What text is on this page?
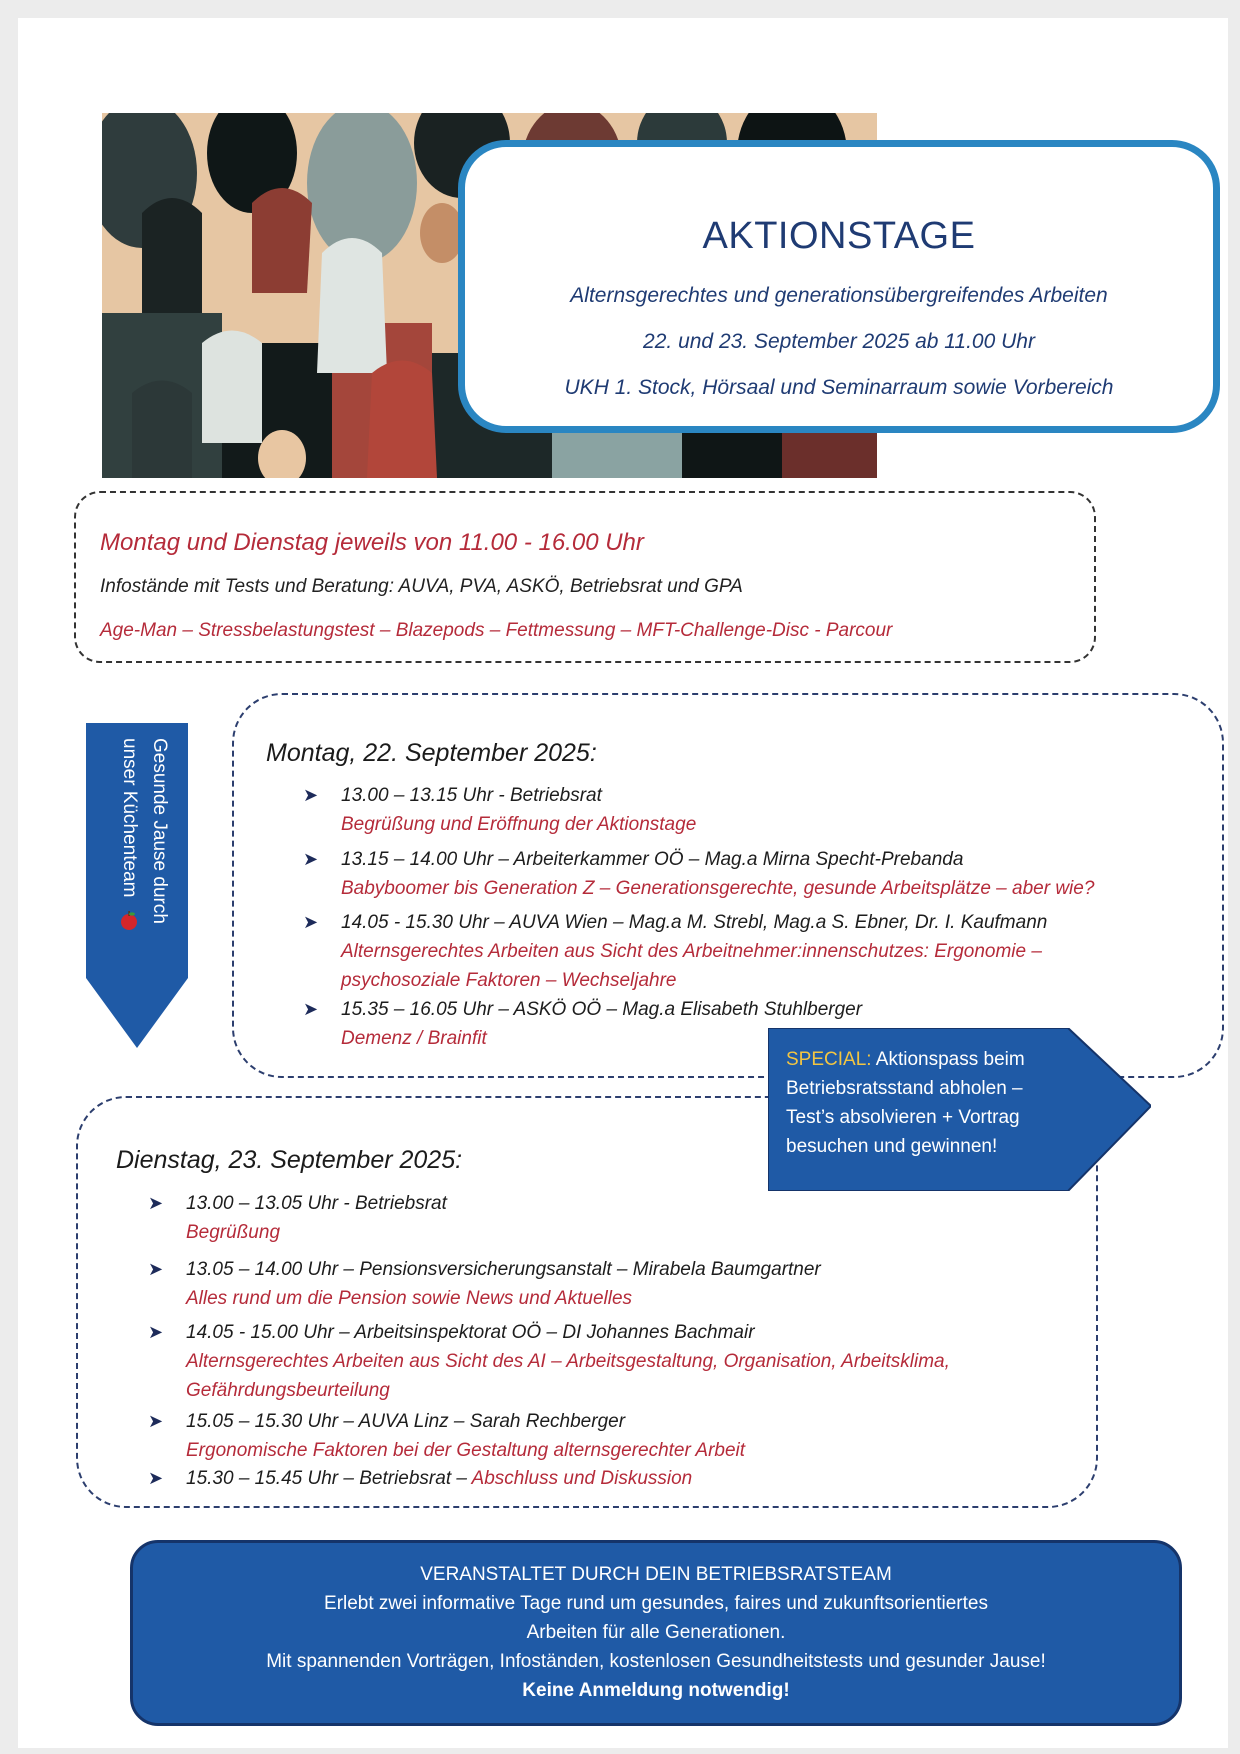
AKTIONSTAGE
Alternsgerechtes und generationsübergreifendes Arbeiten
22. und 23. September 2025 ab 11.00 Uhr
UKH 1. Stock, Hörsaal und Seminarraum sowie Vorbereich
Montag und Dienstag jeweils von 11.00 - 16.00 Uhr
Infostände mit Tests und Beratung: AUVA, PVA, ASKÖ, Betriebsrat und GPA
Age-Man – Stressbelastungstest – Blazepods – Fettmessung – MFT-Challenge-Disc - Parcour
Gesunde Jause durch unser Küchenteam	Montag, 22. September 2025:
➤ 13.00 – 13.15 Uhr - Betriebsrat
Begrüßung und Eröffnung der Aktionstage
➤ 13.15 – 14.00 Uhr – Arbeiterkammer OÖ – Mag.a Mirna Specht-Prebanda
Babyboomer bis Generation Z – Generationsgerechte, gesunde Arbeitsplätze – aber wie?
➤ 14.05 - 15.30 Uhr – AUVA Wien – Mag.a M. Strebl, Mag.a S. Ebner, Dr. I. Kaufmann
Alternsgerechtes Arbeiten aus Sicht des Arbeitnehmer:innenschutzes: Ergonomie –
psychosoziale Faktoren – Wechseljahre
➤ 15.35 – 16.05 Uhr – ASKÖ OÖ – Mag.a Elisabeth Stuhlberger
Demenz / Brainfit
Dienstag, 23. September 2025:
➤ 13.00 – 13.05 Uhr - Betriebsrat
Begrüßung
➤ 13.05 – 14.00 Uhr – Pensionsversicherungsanstalt – Mirabela Baumgartner
Alles rund um die Pension sowie News und Aktuelles
➤ 14.05 - 15.00 Uhr – Arbeitsinspektorat OÖ – DI Johannes Bachmair
Alternsgerechtes Arbeiten aus Sicht des AI – Arbeitsgestaltung, Organisation, Arbeitsklima,
Gefährdungsbeurteilung
➤ 15.05 – 15.30 Uhr – AUVA Linz – Sarah Rechberger
Ergonomische Faktoren bei der Gestaltung alternsgerechter Arbeit
➤ 15.30 – 15.45 Uhr – Betriebsrat – Abschluss und Diskussion
SPECIAL: Aktionspass beim
Betriebsratsstand abholen –
Test’s absolvieren + Vortrag
besuchen und gewinnen!
VERANSTALTET DURCH DEIN BETRIEBSRATSTEAM
Erlebt zwei informative Tage rund um gesundes, faires und zukunftsorientiertes
Arbeiten für alle Generationen.
Mit spannenden Vorträgen, Infoständen, kostenlosen Gesundheitstests und gesunder Jause!
Keine Anmeldung notwendig!
